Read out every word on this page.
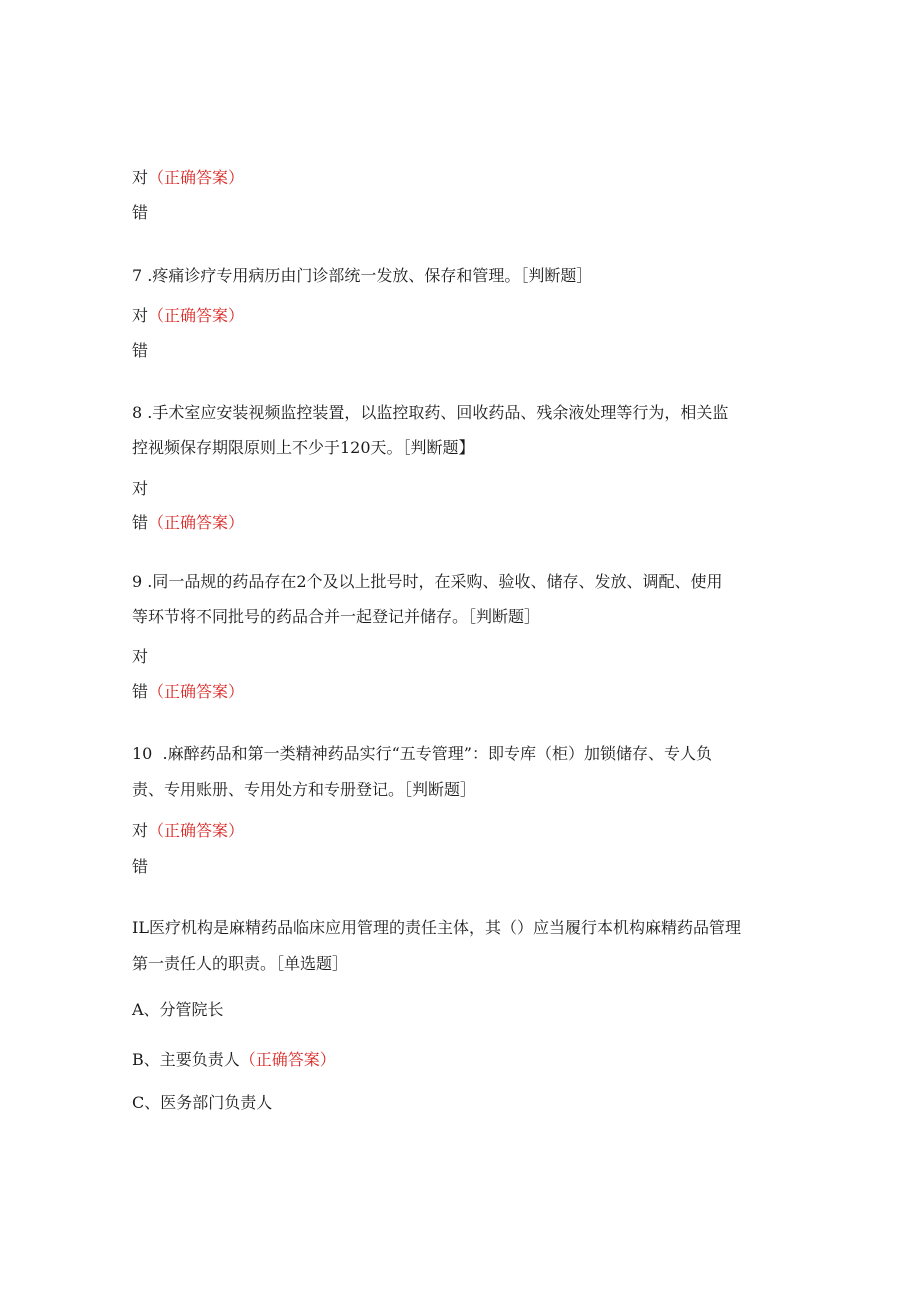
对（正确答案）
错
7 .疼痛诊疗专用病历由门诊部统一发放、保存和管理。［判断题］
对（正确答案）
错
8 .手术室应安装视频监控装置，以监控取药、回收药品、残余液处理等行为，相关监
控视频保存期限原则上不少于120天。［判断题】
对
错（正确答案）
9 .同一品规的药品存在2个及以上批号时，在采购、验收、储存、发放、调配、使用
等环节将不同批号的药品合并一起登记并储存。［判断题］
对
错（正确答案）
10 .麻醉药品和第一类精神药品实行“五专管理”：即专库（柜）加锁储存、专人负
责、专用账册、专用处方和专册登记。［判断题］
对（正确答案）
错
IL医疗机构是麻精药品临床应用管理的责任主体，其（）应当履行本机构麻精药品管理
第一责任人的职责。［单选题］
A、分管院长
B、主要负责人（正确答案）
C、医务部门负责人
